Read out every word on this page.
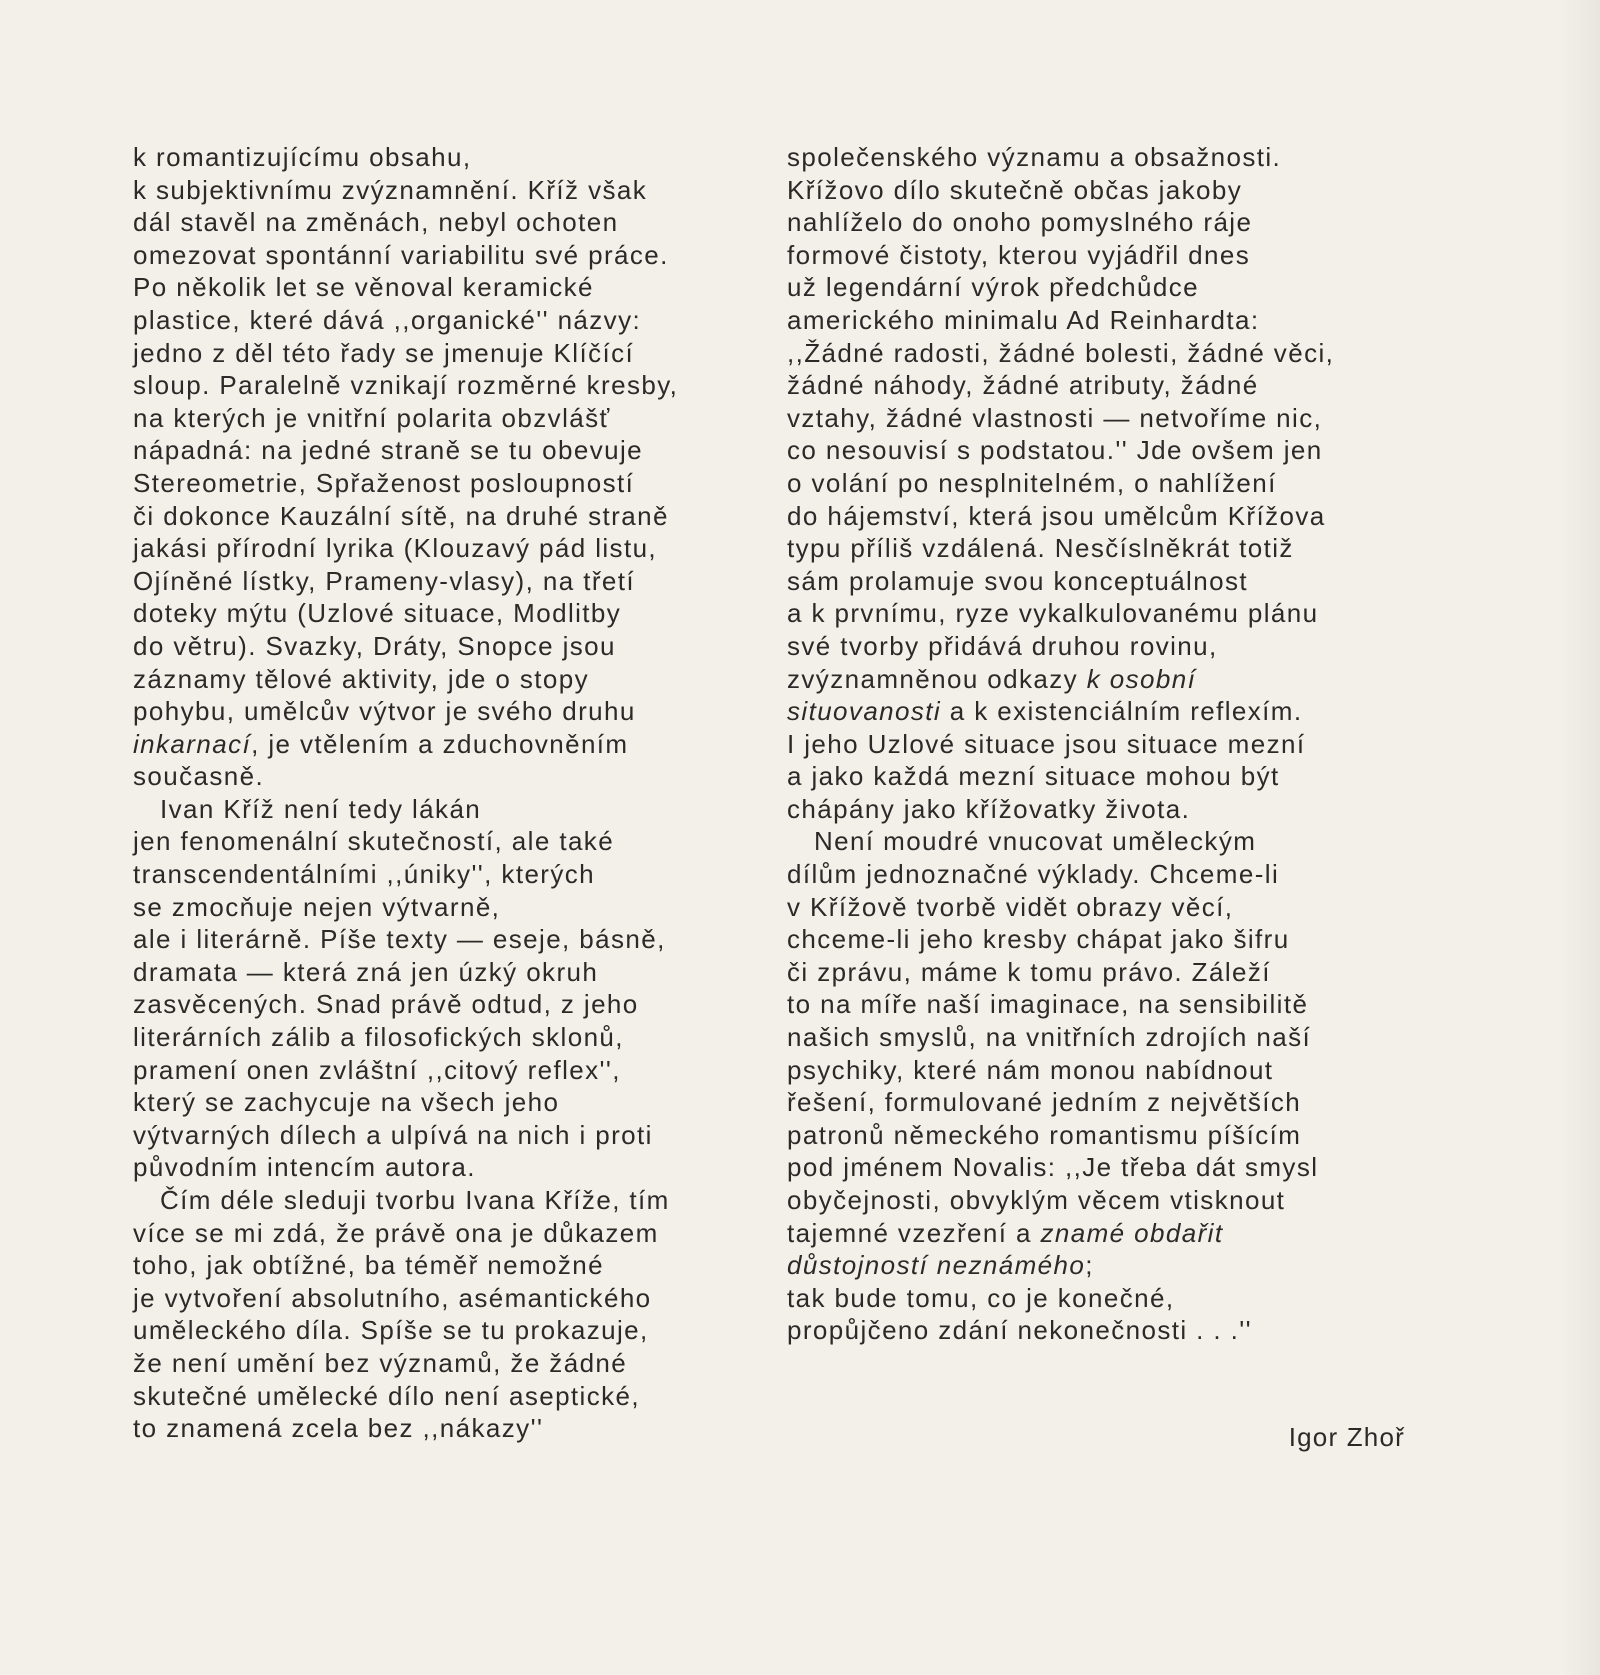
k romantizujícímu obsahu,
k subjektivnímu zvýznamnění. Kříž však
dál stavěl na změnách, nebyl ochoten
omezovat spontánní variabilitu své práce.
Po několik let se věnoval keramické
plastice, které dává ,,organické'' názvy:
jedno z děl této řady se jmenuje Klíčící
sloup. Paralelně vznikají rozměrné kresby,
na kterých je vnitřní polarita obzvlášť
nápadná: na jedné straně se tu obevuje
Stereometrie, Spřaženost posloupností
či dokonce Kauzální sítě, na druhé straně
jakási přírodní lyrika (Klouzavý pád listu,
Ojíněné lístky, Prameny-vlasy), na třetí
doteky mýtu (Uzlové situace, Modlitby
do větru). Svazky, Dráty, Snopce jsou
záznamy tělové aktivity, jde o stopy
pohybu, umělcův výtvor je svého druhu
inkarnací, je vtělením a zduchovněním
současně.
Ivan Kříž není tedy lákán
jen fenomenální skutečností, ale také
transcendentálními ,,úniky'', kterých
se zmocňuje nejen výtvarně,
ale i literárně. Píše texty — eseje, básně,
dramata — která zná jen úzký okruh
zasvěcených. Snad právě odtud, z jeho
literárních zálib a filosofických sklonů,
pramení onen zvláštní ,,citový reflex'',
který se zachycuje na všech jeho
výtvarných dílech a ulpívá na nich i proti
původním intencím autora.
Čím déle sleduji tvorbu Ivana Kříže, tím
více se mi zdá, že právě ona je důkazem
toho, jak obtížné, ba téměř nemožné
je vytvoření absolutního, asémantického
uměleckého díla. Spíše se tu prokazuje,
že není umění bez významů, že žádné
skutečné umělecké dílo není aseptické,
to znamená zcela bez ,,nákazy''
společenského významu a obsažnosti.
Křížovo dílo skutečně občas jakoby
nahlíželo do onoho pomyslného ráje
formové čistoty, kterou vyjádřil dnes
už legendární výrok předchůdce
amerického minimalu Ad Reinhardta:
,,Žádné radosti, žádné bolesti, žádné věci,
žádné náhody, žádné atributy, žádné
vztahy, žádné vlastnosti — netvoříme nic,
co nesouvisí s podstatou.'' Jde ovšem jen
o volání po nesplnitelném, o nahlížení
do hájemství, která jsou umělcům Křížova
typu příliš vzdálená. Nesčíslněkrát totiž
sám prolamuje svou konceptuálnost
a k prvnímu, ryze vykalkulovanému plánu
své tvorby přidává druhou rovinu,
zvýznamněnou odkazy k osobní
situovanosti a k existenciálním reflexím.
I jeho Uzlové situace jsou situace mezní
a jako každá mezní situace mohou být
chápány jako křížovatky života.
Není moudré vnucovat uměleckým
dílům jednoznačné výklady. Chceme-li
v Křížově tvorbě vidět obrazy věcí,
chceme-li jeho kresby chápat jako šifru
či zprávu, máme k tomu právo. Záleží
to na míře naší imaginace, na sensibilitě
našich smyslů, na vnitřních zdrojích naší
psychiky, které nám monou nabídnout
řešení, formulované jedním z největších
patronů německého romantismu píšícím
pod jménem Novalis: ,,Je třeba dát smysl
obyčejnosti, obvyklým věcem vtisknout
tajemné vzezření a znamé obdařit
důstojností neznámého;
tak bude tomu, co je konečné,
propůjčeno zdání nekonečnosti . . .''
Igor Zhoř
